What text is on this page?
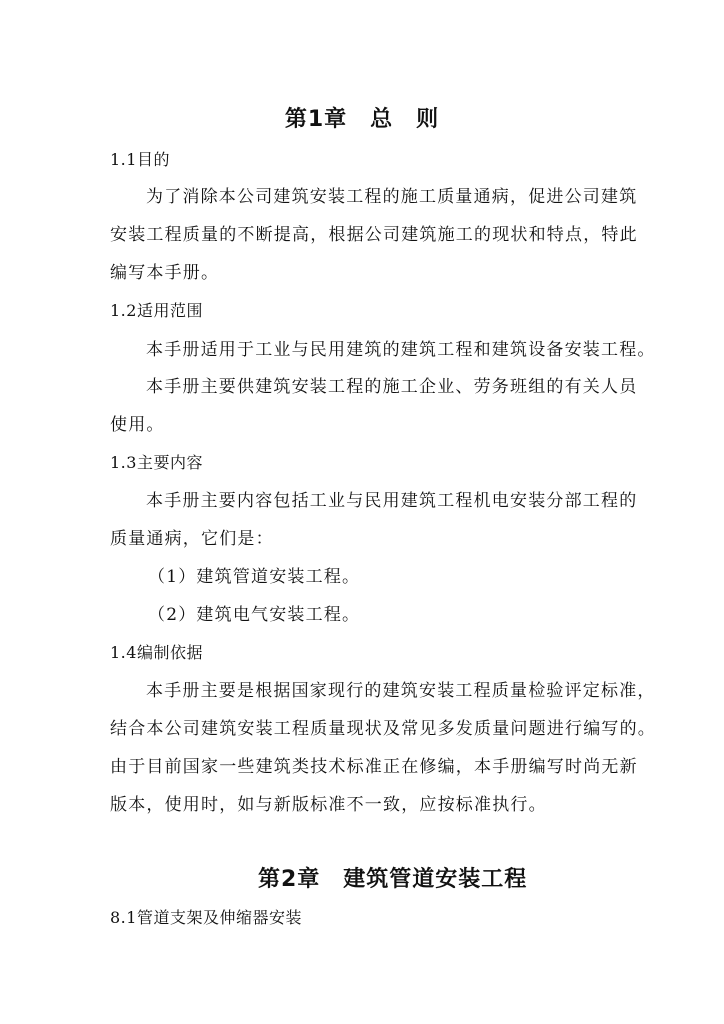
第1章　总　则

1.1目的

为了消除本公司建筑安装工程的施工质量通病，促进公司建筑

安装工程质量的不断提高，根据公司建筑施工的现状和特点，特此

编写本手册。

1.2适用范围

本手册适用于工业与民用建筑的建筑工程和建筑设备安装工程。

本手册主要供建筑安装工程的施工企业、劳务班组的有关人员

使用。

1.3主要内容

本手册主要内容包括工业与民用建筑工程机电安装分部工程的

质量通病，它们是：

（1）建筑管道安装工程。

（2）建筑电气安装工程。

1.4编制依据

本手册主要是根据国家现行的建筑安装工程质量检验评定标准，

结合本公司建筑安装工程质量现状及常见多发质量问题进行编写的。

由于目前国家一些建筑类技术标准正在修编，本手册编写时尚无新

版本，使用时，如与新版标准不一致，应按标准执行。

第2章　建筑管道安装工程

8.1管道支架及伸缩器安装
